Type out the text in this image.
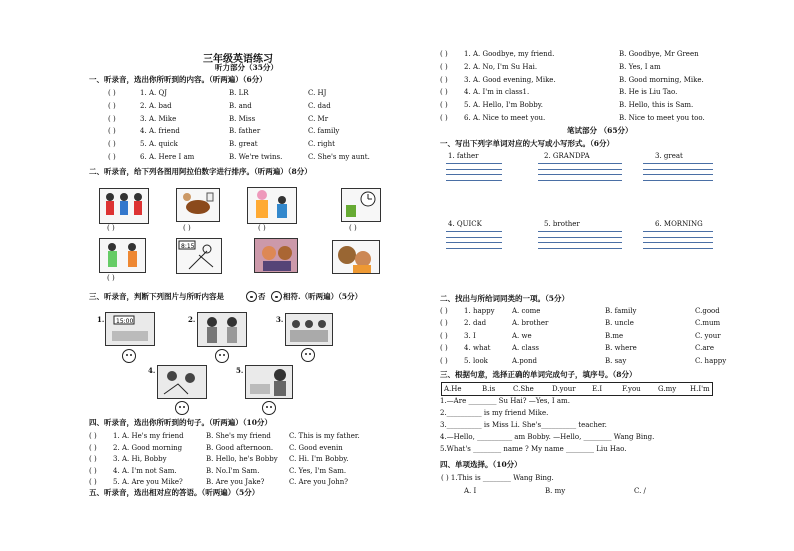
三年级英语练习
听力部分（35分）
一、听录音，选出你所听到的内容。（听两遍）（6分）
( )	1. A. QJ	B. LR	C. HJ
( )	2. A. bad	B. and	C. dad
( )	3. A. Mike	B. Miss	C. Mr
( )	4. A. friend	B. father	C. family
( )	5. A. quick	B. great	C. right
( )	6. A. Here I am	B. We're twins.	C. She's my aunt.
二、听录音，给下列各图用阿拉伯数字进行排序。（听两遍）（8分）
( )	( )	( )	( )
8:15
( )
三、听录音，判断下列图片与所听内容是	否 相符.（听两遍）（5分）
1. 15:00	2.	3.
4.	5.
四、听录音，选出你所听到的句子。（听两遍）（10分）
( ) 1. A. He's my friend	B. She's my friend	C. This is my father.
( ) 2. A. Good morning	B. Good afternoon. C. Good evenin
( ) 3. A. Hi, Bobby	B. Hello, he's Bobby C. Hi. I'm Bobby.
( ) 4. A. I'm not Sam.	B. No.I'm Sam.	C. Yes, I'm Sam.
( ) 5. A. Are you Mike?	B. Are you Jake?	C. Are you John?
五、听录音，选出相对应的答语。（听两遍）（5分）
( ) 1. A. Goodbye, my friend.	B. Goodbye, Mr Green
( ) 2. A. No, I'm Su Hai.	B. Yes, I am
( ) 3. A. Good evening, Mike.	B. Good morning, Mike.
( ) 4. A. I'm in class1.	B. He is Liu Tao.
( ) 5. A. Hello, I'm Bobby.	B. Hello, this is Sam.
( ) 6. A. Nice to meet you.	B. Nice to meet you too.
笔试部分 （65分）
一、写出下列字单词对应的大写或小写形式。（6分）
1. father	2. GRANDPA	3. great
4. QUICK	5. brother	6. MORNING
二、找出与所给词同类的一项。（5分）
( ) 1. happy A. come	B. family	C.good
( ) 2. dad	A. brother	B. uncle	C.mum
( ) 3. I	A. we	B.me	C. your
( ) 4. what	A. class	B. where	C.are
( ) 5. look	A.pond	B. say	C. happy
三、根据句意，选择正确的单词完成句子，填序号。（8分）
A.He	B.is	C.She	D.your E.I	F.you G.my H.I'm
1.—Are ________ Su Hai? —Yes, I am.
2.__________ is my friend Mike.
3.__________ is Miss Li. She's__________ teacher.
4.—Hello, __________ am Bobby. —Hello, ________ Wang Bing.
5.What's ________ name ? My name ________ Liu Hao.
四、单项选择。（10分）
( ) 1.This is ________ Wang Bing.
A. I	B. my	C. /
